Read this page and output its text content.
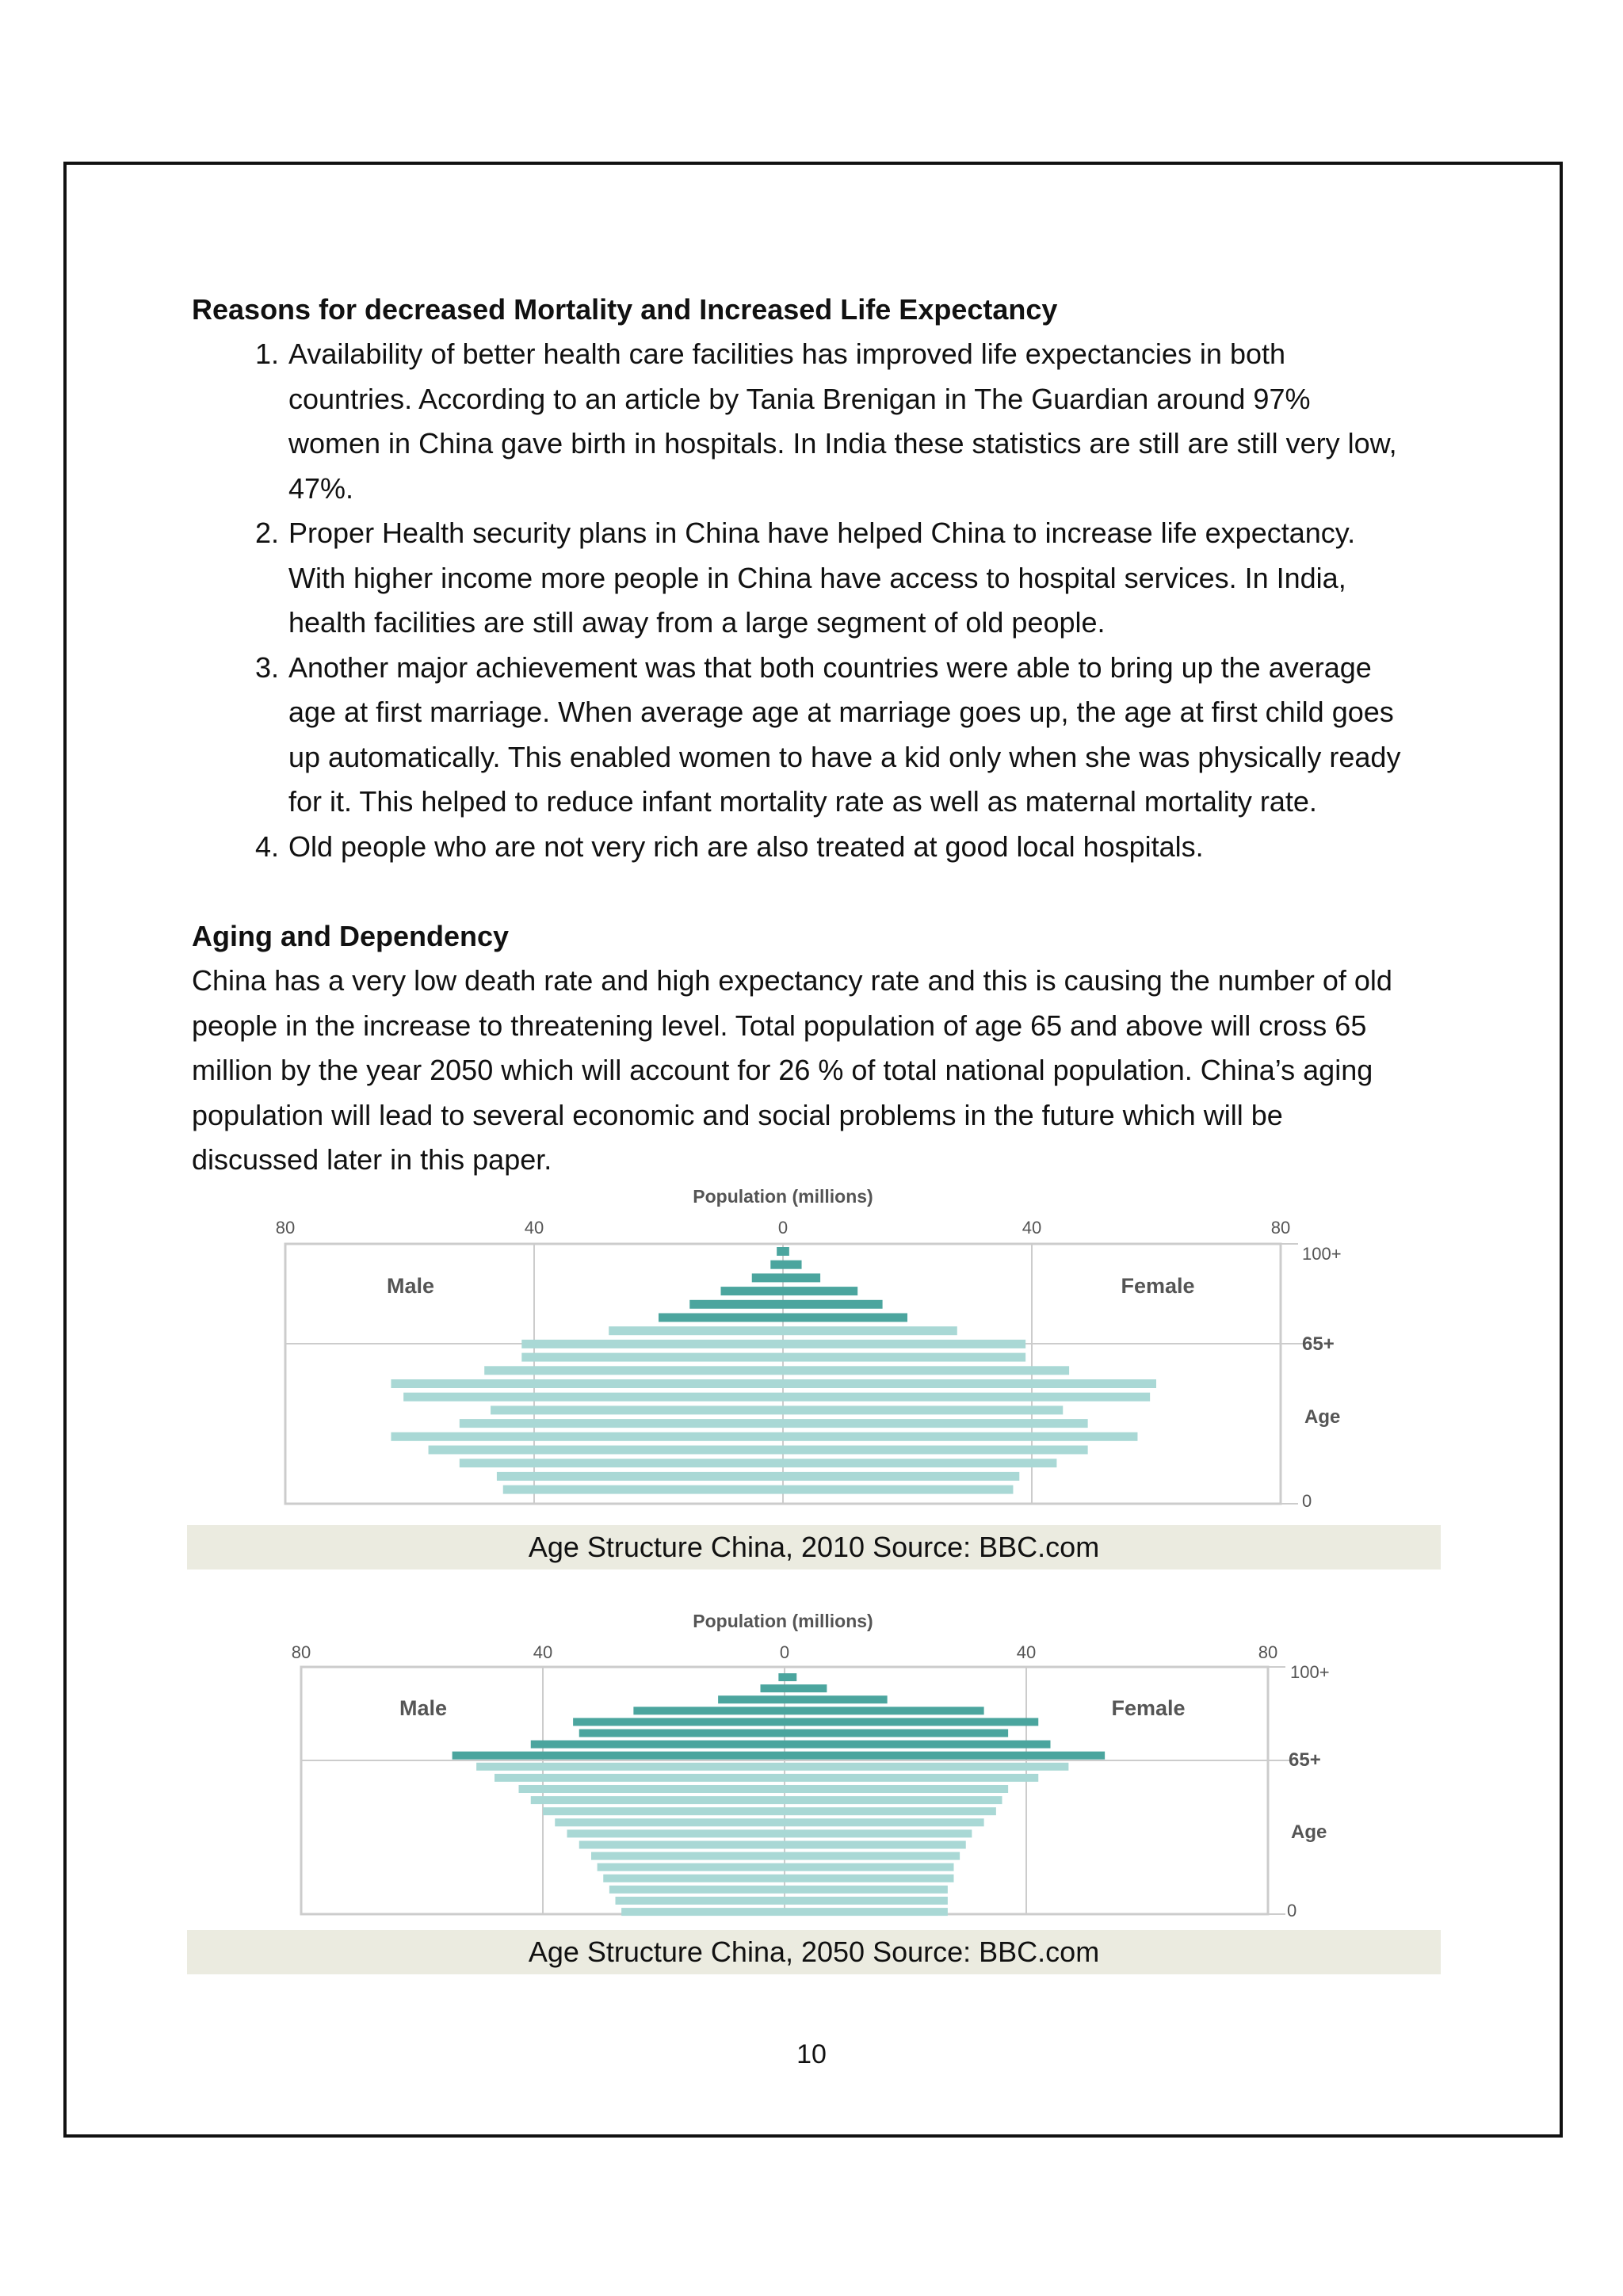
Reasons for decreased Mortality and Increased Life Expectancy
1. Availability of better health care facilities has improved life expectancies in both
countries. According to an article by Tania Brenigan in The Guardian around 97%
women in China gave birth in hospitals. In India these statistics are still are still very low,
47%.
2. Proper Health security plans in China have helped China to increase life expectancy.
With higher income more people in China have access to hospital services. In India,
health facilities are still away from a large segment of old people.
3. Another major achievement was that both countries were able to bring up the average
age at first marriage. When average age at marriage goes up, the age at first child goes
up automatically. This enabled women to have a kid only when she was physically ready
for it. This helped to reduce infant mortality rate as well as maternal mortality rate.
4. Old people who are not very rich are also treated at good local hospitals.
Aging and Dependency
China has a very low death rate and high expectancy rate and this is causing the number of old
people in the increase to threatening level. Total population of age 65 and above will cross 65
million by the year 2050 which will account for 26 % of total national population. China’s aging
population will lead to several economic and social problems in the future which will be
discussed later in this paper.
Population (millions)
80	40	0	40	80
Male	Female
100+
65+
Age
0
Age Structure China, 2010 Source: BBC.com
Population (millions)
80	40	0	40	80
Male	Female
100+
65+
Age
0
Age Structure China, 2050 Source: BBC.com
10
